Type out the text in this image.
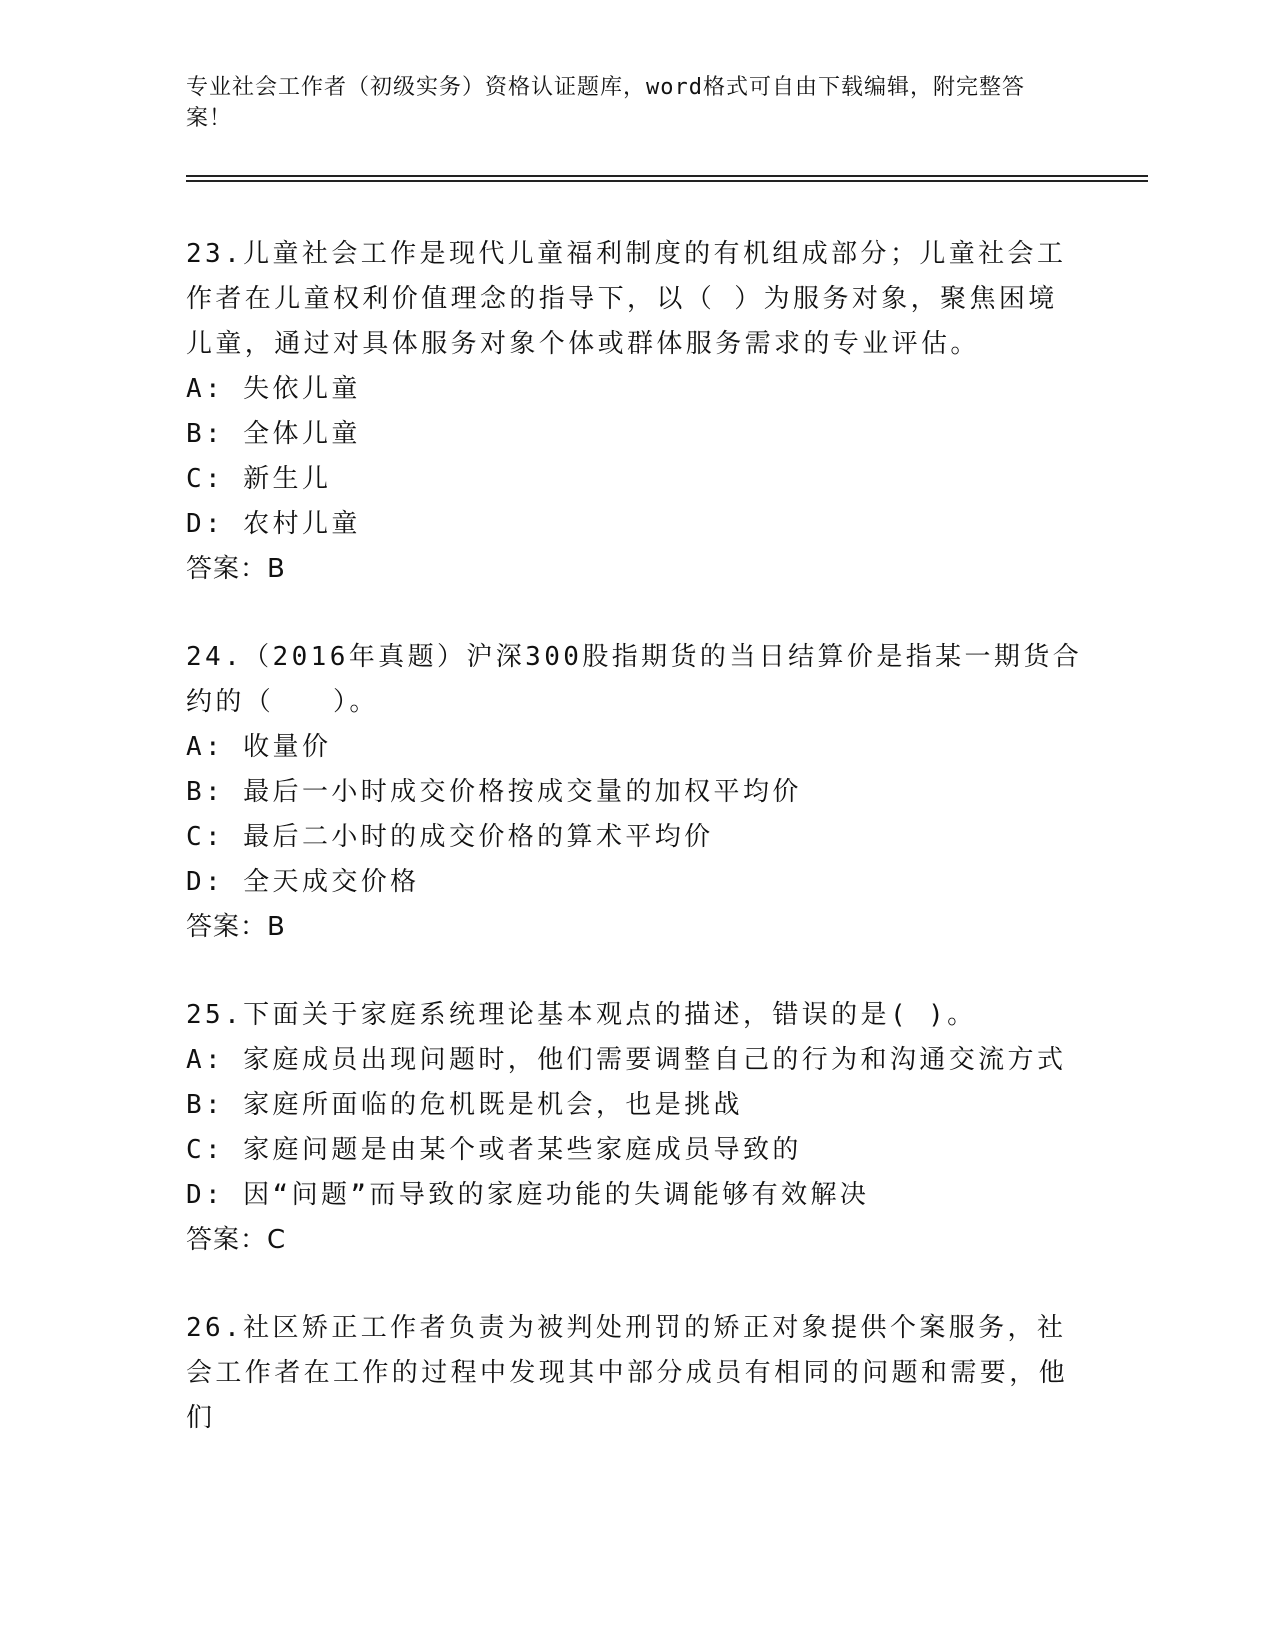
专业社会工作者（初级实务）资格认证题库，word格式可自由下载编辑，附完整答案！

23.儿童社会工作是现代儿童福利制度的有机组成部分；儿童社会工作者在儿童权利价值理念的指导下，以（ ）为服务对象，聚焦困境儿童，通过对具体服务对象个体或群体服务需求的专业评估。

A: 失依儿童

B: 全体儿童

C: 新生儿

D: 农村儿童

答案：B

24.（2016年真题）沪深300股指期货的当日结算价是指某一期货合约的（　　）。

A: 收量价

B: 最后一小时成交价格按成交量的加权平均价

C: 最后二小时的成交价格的算术平均价

D: 全天成交价格

答案：B

25.下面关于家庭系统理论基本观点的描述，错误的是( )。

A: 家庭成员出现问题时，他们需要调整自己的行为和沟通交流方式

B: 家庭所面临的危机既是机会，也是挑战

C: 家庭问题是由某个或者某些家庭成员导致的

D: 因“问题”而导致的家庭功能的失调能够有效解决

答案：C

26.社区矫正工作者负责为被判处刑罚的矫正对象提供个案服务，社会工作者在工作的过程中发现其中部分成员有相同的问题和需要，他们
